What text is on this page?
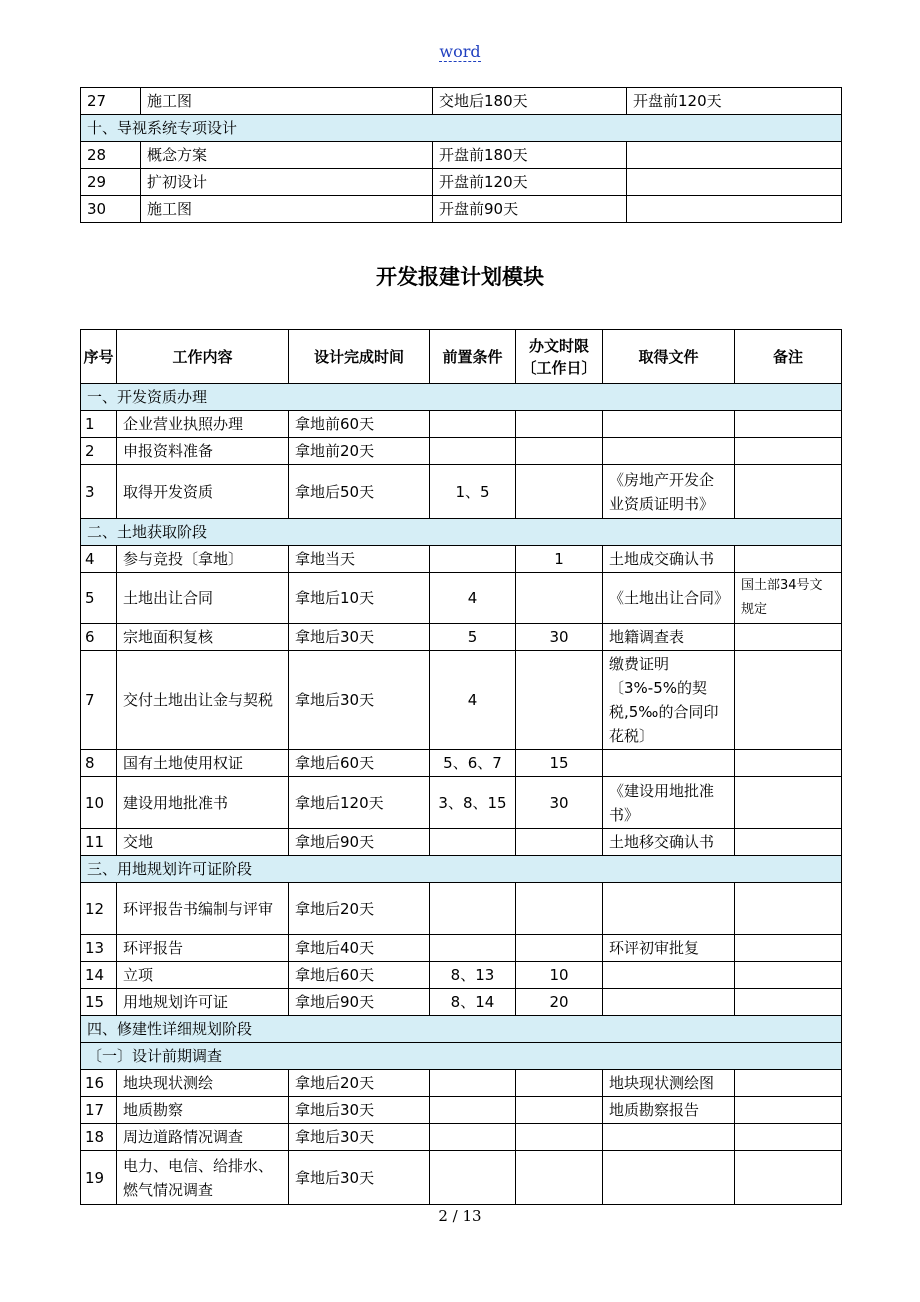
word
27	施工图	交地后180天	开盘前120天
十、导视系统专项设计			
28	概念方案	开盘前180天	
29	扩初设计	开盘前120天	
30	施工图	开盘前90天	
开发报建计划模块
序号	工作内容	设计完成时间	前置条件	办文时限〔工作日〕	取得文件	备注
一、开发资质办理						
1	企业营业执照办理	拿地前60天				
2	申报资料准备	拿地前20天				
3	取得开发资质	拿地后50天	1、5		《房地产开发企业资质证明书》	
二、土地获取阶段						
4	参与竞投〔拿地〕	拿地当天		1	土地成交确认书	
5	土地出让合同	拿地后10天	4		《土地出让合同》	国土部34号文规定
6	宗地面积复核	拿地后30天	5	30	地籍调查表	
7	交付土地出让金与契税	拿地后30天	4		缴费证明〔3%-5%的契税,5‰的合同印花税〕	
8	国有土地使用权证	拿地后60天	5、6、7	15		
10	建设用地批准书	拿地后120天	3、8、15	30	《建设用地批准书》	
11	交地	拿地后90天			土地移交确认书	
三、用地规划许可证阶段						
12	环评报告书编制与评审	拿地后20天				
13	环评报告	拿地后40天			环评初审批复	
14	立项	拿地后60天	8、13	10		
15	用地规划许可证	拿地后90天	8、14	20		
四、修建性详细规划阶段						
〔一〕设计前期调查						
16	地块现状测绘	拿地后20天			地块现状测绘图	
17	地质勘察	拿地后30天			地质勘察报告	
18	周边道路情况调查	拿地后30天				
19	电力、电信、给排水、燃气情况调查	拿地后30天				
2 / 13
